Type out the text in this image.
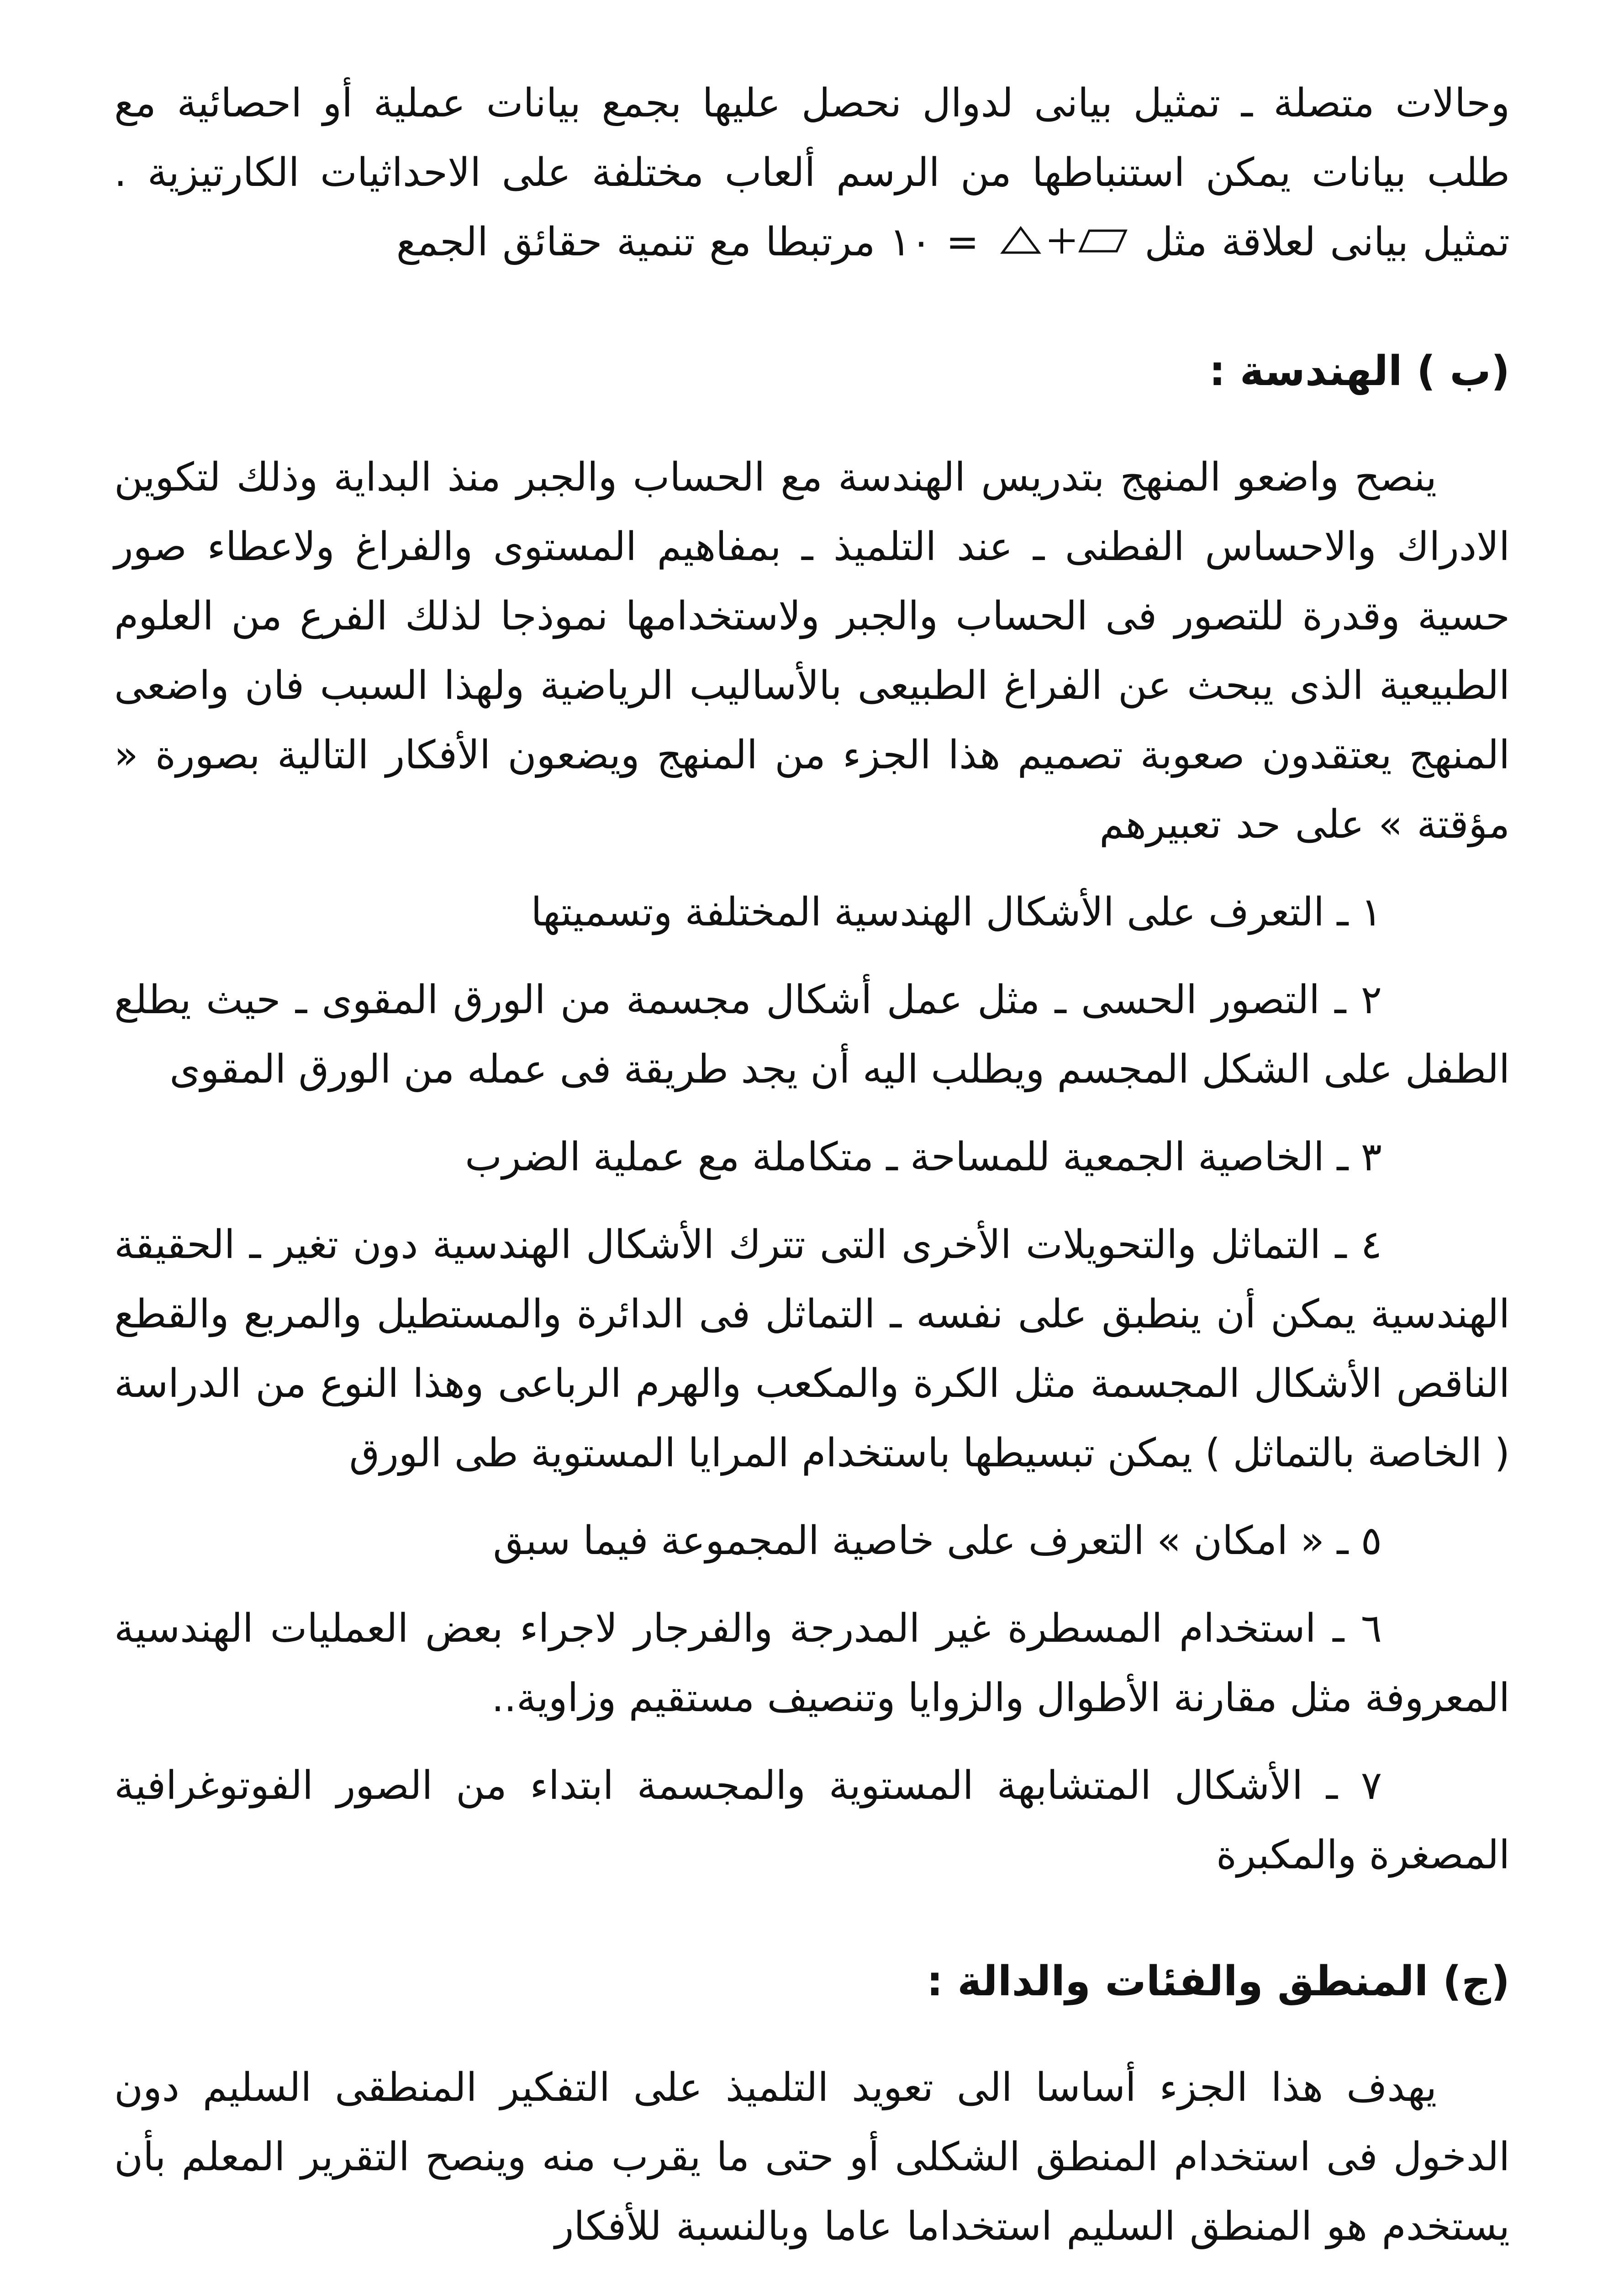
وحالات متصلة ـ تمثيل بيانى لدوال نحصل عليها بجمع بيانات عملية أو احصائية مع طلب بيانات يمكن استنباطها من الرسم ألعاب مختلفة على الاحداثيات الكارتيزية . تمثيل بيانى لعلاقة مثل  = ١٠ مرتبطا مع تنمية حقائق الجمع

(ب ) الهندسة :

ينصح واضعو المنهج بتدريس الهندسة مع الحساب والجبر منذ البداية وذلك لتكوين الادراك والاحساس الفطنى ـ عند التلميذ ـ بمفاهيم المستوى والفراغ ولاعطاء صور حسية وقدرة للتصور فى الحساب والجبر ولاستخدامها نموذجا لذلك الفرع من العلوم الطبيعية الذى يبحث عن الفراغ الطبيعى بالأساليب الرياضية ولهذا السبب فان واضعى المنهج يعتقدون صعوبة تصميم هذا الجزء من المنهج ويضعون الأفكار التالية بصورة « مؤقتة » على حد تعبيرهم

١ ـ التعرف على الأشكال الهندسية المختلفة وتسميتها

٢ ـ التصور الحسى ـ مثل عمل أشكال مجسمة من الورق المقوى ـ حيث يطلع الطفل على الشكل المجسم ويطلب اليه أن يجد طريقة فى عمله من الورق المقوى

٣ ـ الخاصية الجمعية للمساحة ـ متكاملة مع عملية الضرب

٤ ـ التماثل والتحويلات الأخرى التى تترك الأشكال الهندسية دون تغير ـ الحقيقة الهندسية يمكن أن ينطبق على نفسه ـ التماثل فى الدائرة والمستطيل والمربع والقطع الناقص الأشكال المجسمة مثل الكرة والمكعب والهرم الرباعى وهذا النوع من الدراسة ( الخاصة بالتماثل ) يمكن تبسيطها باستخدام المرايا المستوية طى الورق

٥ ـ « امكان » التعرف على خاصية المجموعة فيما سبق

٦ ـ استخدام المسطرة غير المدرجة والفرجار لاجراء بعض العمليات الهندسية المعروفة مثل مقارنة الأطوال والزوايا وتنصيف مستقيم وزاوية..

٧ ـ الأشكال المتشابهة المستوية والمجسمة ابتداء من الصور الفوتوغرافية المصغرة والمكبرة

(ج) المنطق والفئات والدالة :

يهدف هذا الجزء أساسا الى تعويد التلميذ على التفكير المنطقى السليم دون الدخول فى استخدام المنطق الشكلى أو حتى ما يقرب منه وينصح التقرير المعلم بأن يستخدم هو المنطق السليم استخداما عاما وبالنسبة للأفكار
